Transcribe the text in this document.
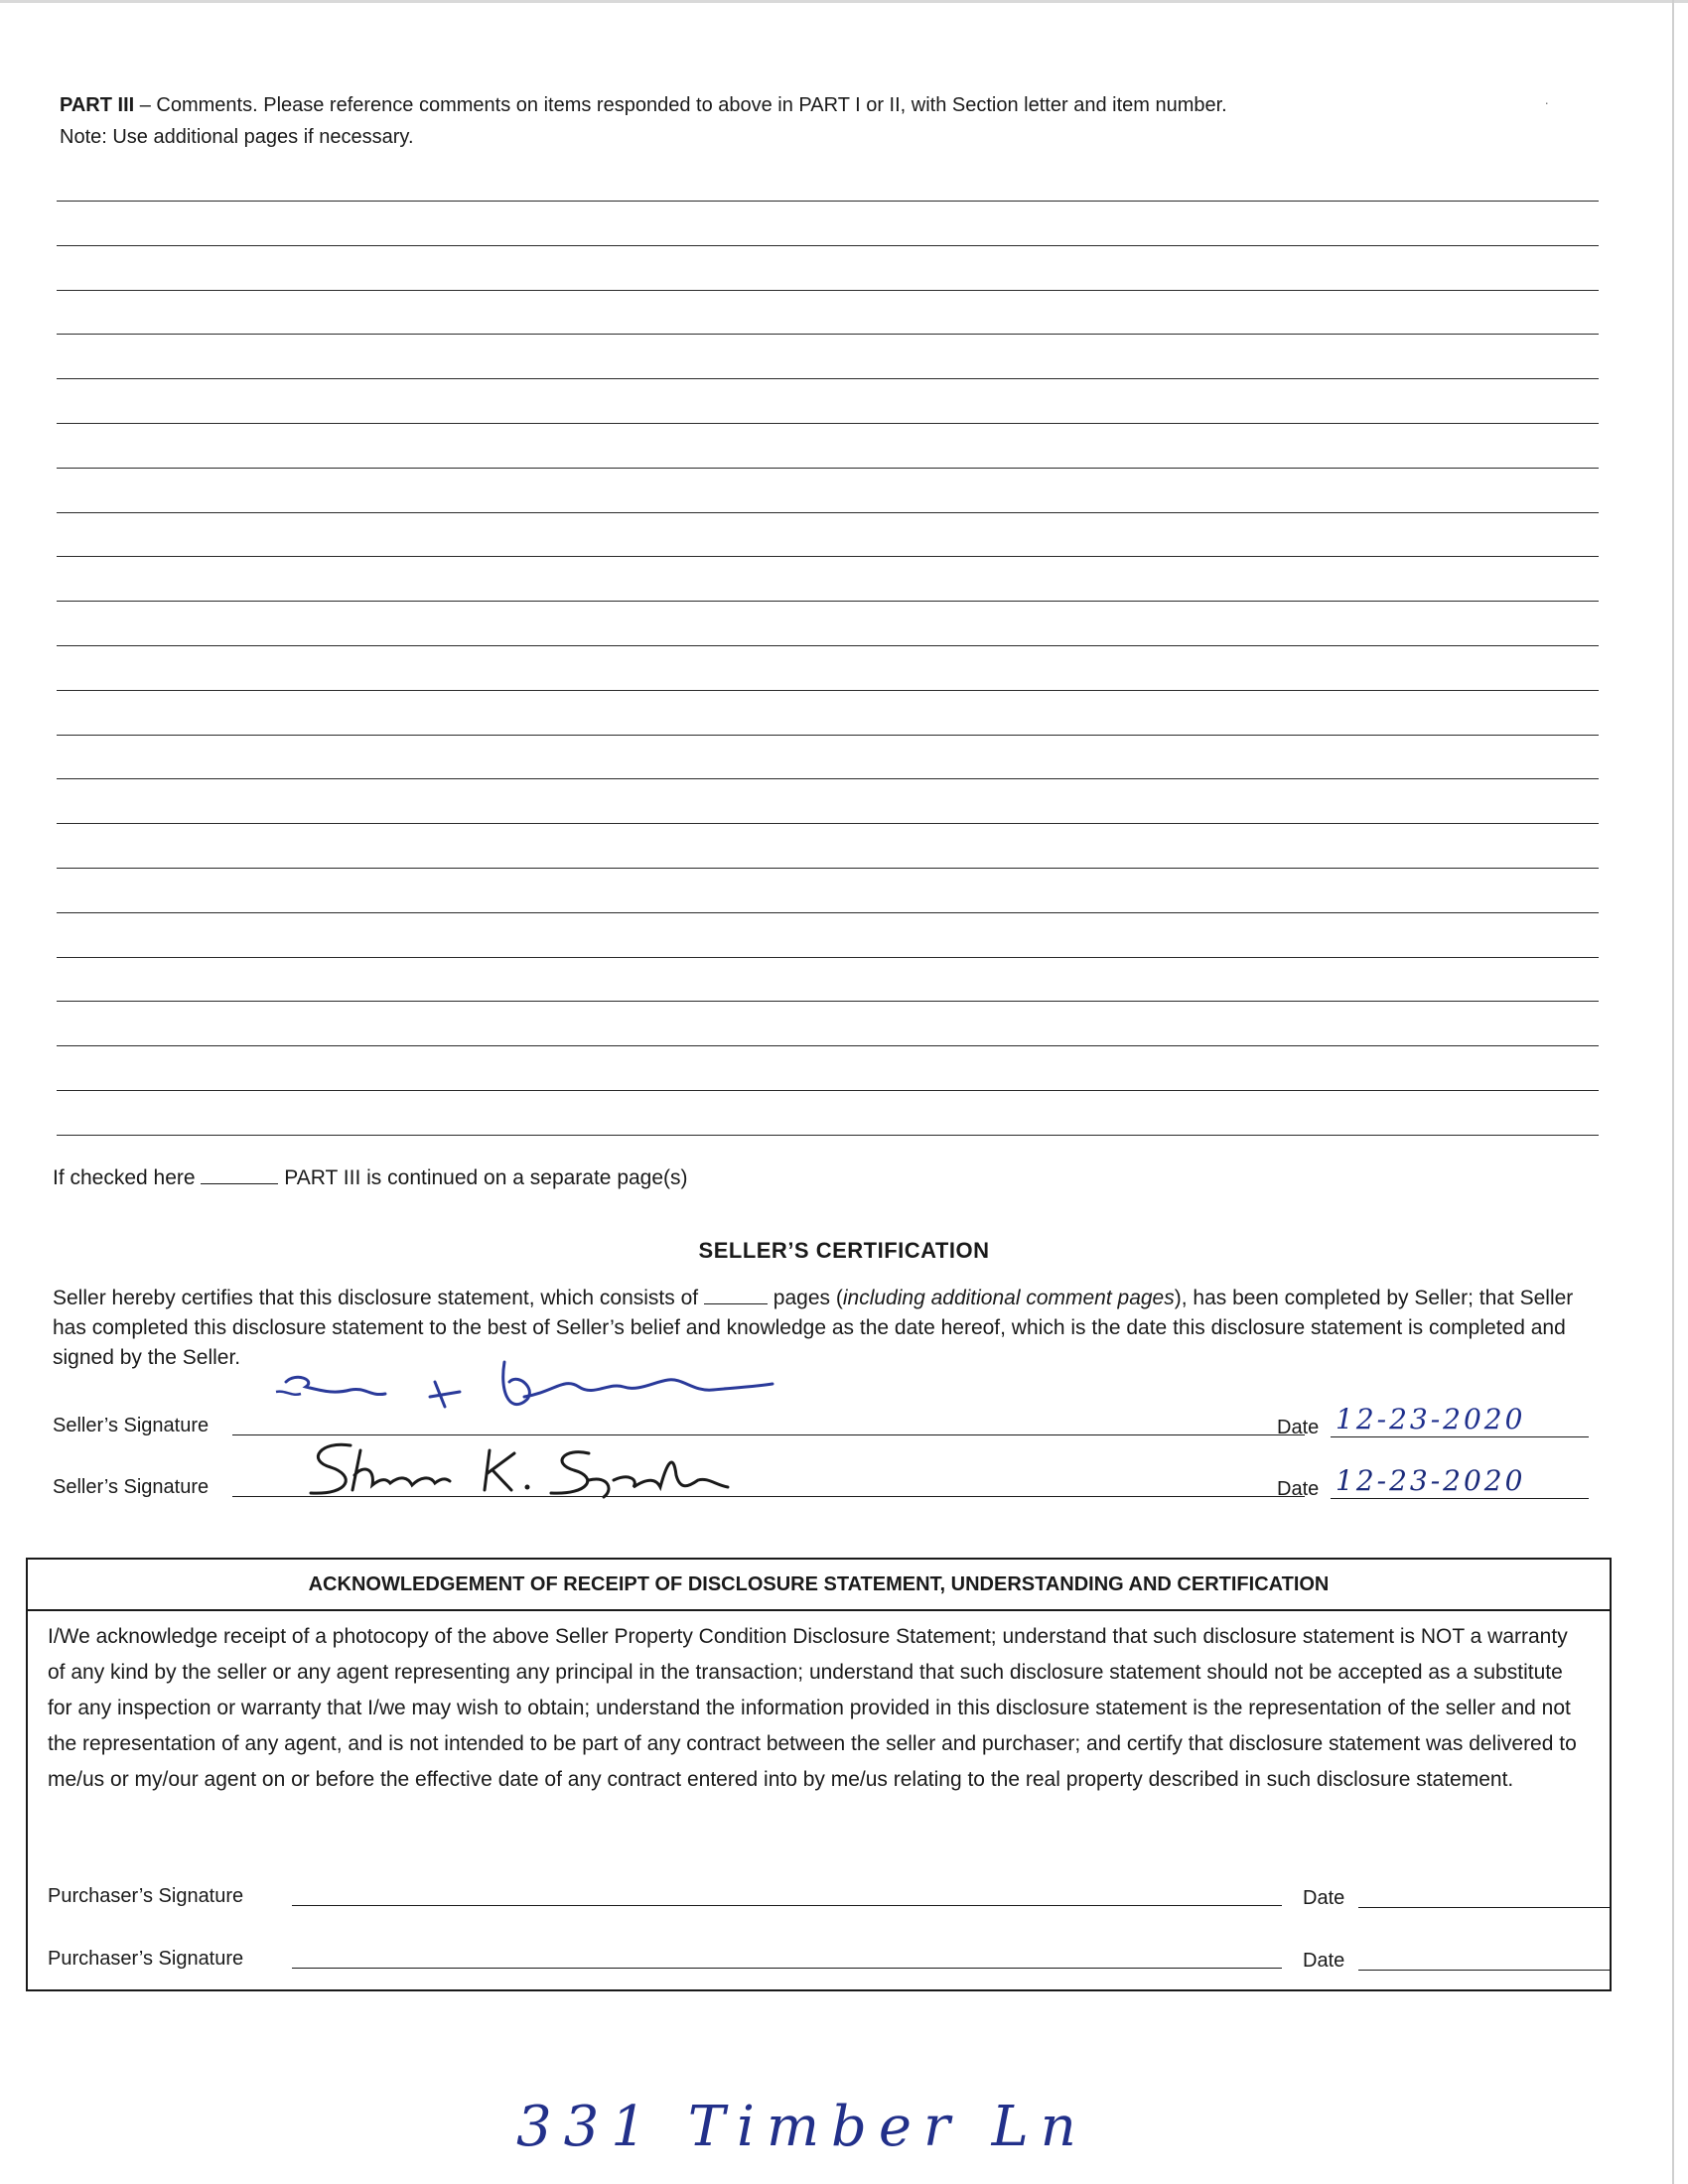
·
PART III – Comments. Please reference comments on items responded to above in PART I or II, with Section letter and item number.
Note: Use additional pages if necessary.
If checked here	PART III is continued on a separate page(s)
SELLER’S CERTIFICATION
Seller hereby certifies that this disclosure statement, which consists of	pages (including additional comment pages), has been completed by Seller; that Seller has completed this disclosure statement to the best of Seller’s belief and knowledge as the date hereof, which is the date this disclosure statement is completed and signed by the Seller.
Seller’s Signature	Date 12-23-2020
Seller’s Signature	Date 12-23-2020
ACKNOWLEDGEMENT OF RECEIPT OF DISCLOSURE STATEMENT, UNDERSTANDING AND CERTIFICATION
I/We acknowledge receipt of a photocopy of the above Seller Property Condition Disclosure Statement; understand that such disclosure statement is NOT a warranty of any kind by the seller or any agent representing any principal in the transaction; understand that such disclosure statement should not be accepted as a substitute for any inspection or warranty that I/we may wish to obtain; understand the information provided in this disclosure statement is the representation of the seller and not the representation of any agent, and is not intended to be part of any contract between the seller and purchaser; and certify that disclosure statement was delivered to me/us or my/our agent on or before the effective date of any contract entered into by me/us relating to the real property described in such disclosure statement.
Purchaser’s Signature	Date
Purchaser’s Signature	Date
331 Timber Ln
